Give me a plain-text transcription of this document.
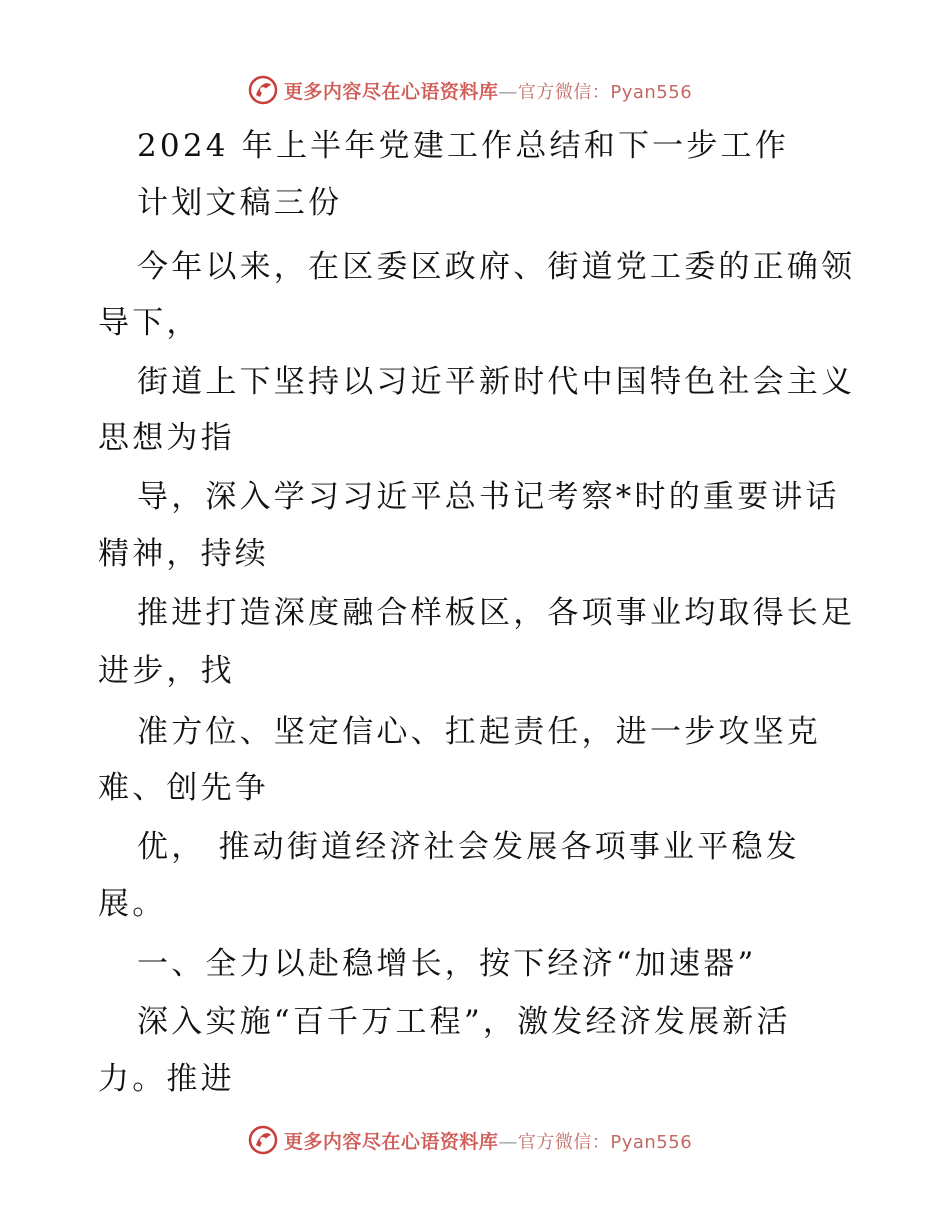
更多内容尽在心语资料库—官方微信：Pyan556
2024 年上半年党建工作总结和下一步工作
计划文稿三份
今年以来，在区委区政府、街道党工委的正确领
导下，
街道上下坚持以习近平新时代中国特色社会主义
思想为指
导，深入学习习近平总书记考察*时的重要讲话
精神，持续
推进打造深度融合样板区，各项事业均取得长足
进步，找
准方位、坚定信心、扛起责任，进一步攻坚克
难、创先争
优， 推动街道经济社会发展各项事业平稳发
展。
一、全力以赴稳增长，按下经济“加速器”
深入实施“百千万工程”，激发经济发展新活
力。推进
更多内容尽在心语资料库—官方微信：Pyan556
